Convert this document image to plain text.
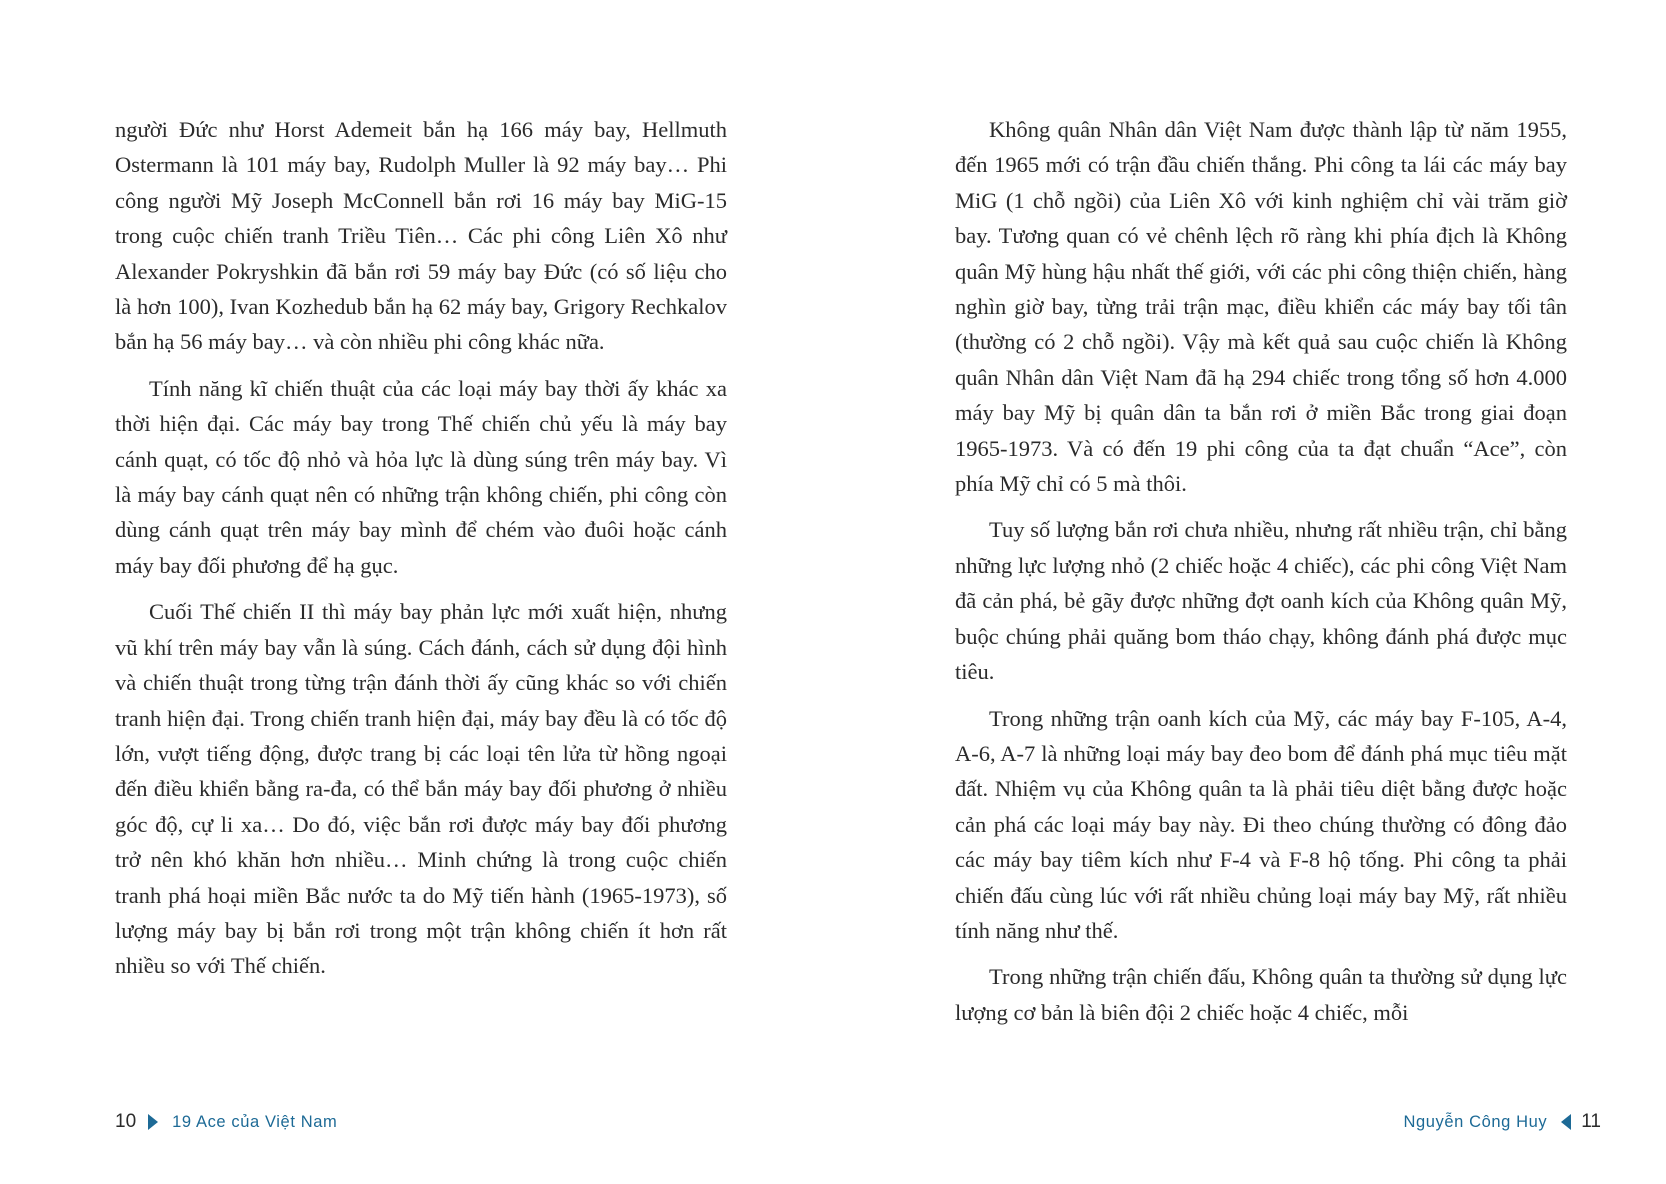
người Đức như Horst Ademeit bắn hạ 166 máy bay, Hellmuth Ostermann là 101 máy bay, Rudolph Muller là 92 máy bay… Phi công người Mỹ Joseph McConnell bắn rơi 16 máy bay MiG-15 trong cuộc chiến tranh Triều Tiên… Các phi công Liên Xô như Alexander Pokryshkin đã bắn rơi 59 máy bay Đức (có số liệu cho là hơn 100), Ivan Kozhedub bắn hạ 62 máy bay, Grigory Rechkalov bắn hạ 56 máy bay… và còn nhiều phi công khác nữa.

Tính năng kĩ chiến thuật của các loại máy bay thời ấy khác xa thời hiện đại. Các máy bay trong Thế chiến chủ yếu là máy bay cánh quạt, có tốc độ nhỏ và hỏa lực là dùng súng trên máy bay. Vì là máy bay cánh quạt nên có những trận không chiến, phi công còn dùng cánh quạt trên máy bay mình để chém vào đuôi hoặc cánh máy bay đối phương để hạ gục.

Cuối Thế chiến II thì máy bay phản lực mới xuất hiện, nhưng vũ khí trên máy bay vẫn là súng. Cách đánh, cách sử dụng đội hình và chiến thuật trong từng trận đánh thời ấy cũng khác so với chiến tranh hiện đại. Trong chiến tranh hiện đại, máy bay đều là có tốc độ lớn, vượt tiếng động, được trang bị các loại tên lửa từ hồng ngoại đến điều khiển bằng ra-đa, có thể bắn máy bay đối phương ở nhiều góc độ, cự li xa… Do đó, việc bắn rơi được máy bay đối phương trở nên khó khăn hơn nhiều… Minh chứng là trong cuộc chiến tranh phá hoại miền Bắc nước ta do Mỹ tiến hành (1965-1973), số lượng máy bay bị bắn rơi trong một trận không chiến ít hơn rất nhiều so với Thế chiến.

10 19 Ace của Việt Nam

Không quân Nhân dân Việt Nam được thành lập từ năm 1955, đến 1965 mới có trận đầu chiến thắng. Phi công ta lái các máy bay MiG (1 chỗ ngồi) của Liên Xô với kinh nghiệm chỉ vài trăm giờ bay. Tương quan có vẻ chênh lệch rõ ràng khi phía địch là Không quân Mỹ hùng hậu nhất thế giới, với các phi công thiện chiến, hàng nghìn giờ bay, từng trải trận mạc, điều khiển các máy bay tối tân (thường có 2 chỗ ngồi). Vậy mà kết quả sau cuộc chiến là Không quân Nhân dân Việt Nam đã hạ 294 chiếc trong tổng số hơn 4.000 máy bay Mỹ bị quân dân ta bắn rơi ở miền Bắc trong giai đoạn 1965-1973. Và có đến 19 phi công của ta đạt chuẩn “Ace”, còn phía Mỹ chỉ có 5 mà thôi.

Tuy số lượng bắn rơi chưa nhiều, nhưng rất nhiều trận, chỉ bằng những lực lượng nhỏ (2 chiếc hoặc 4 chiếc), các phi công Việt Nam đã cản phá, bẻ gãy được những đợt oanh kích của Không quân Mỹ, buộc chúng phải quăng bom tháo chạy, không đánh phá được mục tiêu.

Trong những trận oanh kích của Mỹ, các máy bay F-105, A-4, A-6, A-7 là những loại máy bay đeo bom để đánh phá mục tiêu mặt đất. Nhiệm vụ của Không quân ta là phải tiêu diệt bằng được hoặc cản phá các loại máy bay này. Đi theo chúng thường có đông đảo các máy bay tiêm kích như F-4 và F-8 hộ tống. Phi công ta phải chiến đấu cùng lúc với rất nhiều chủng loại máy bay Mỹ, rất nhiều tính năng như thế.

Trong những trận chiến đấu, Không quân ta thường sử dụng lực lượng cơ bản là biên đội 2 chiếc hoặc 4 chiếc, mỗi

Nguyễn Công Huy 11
